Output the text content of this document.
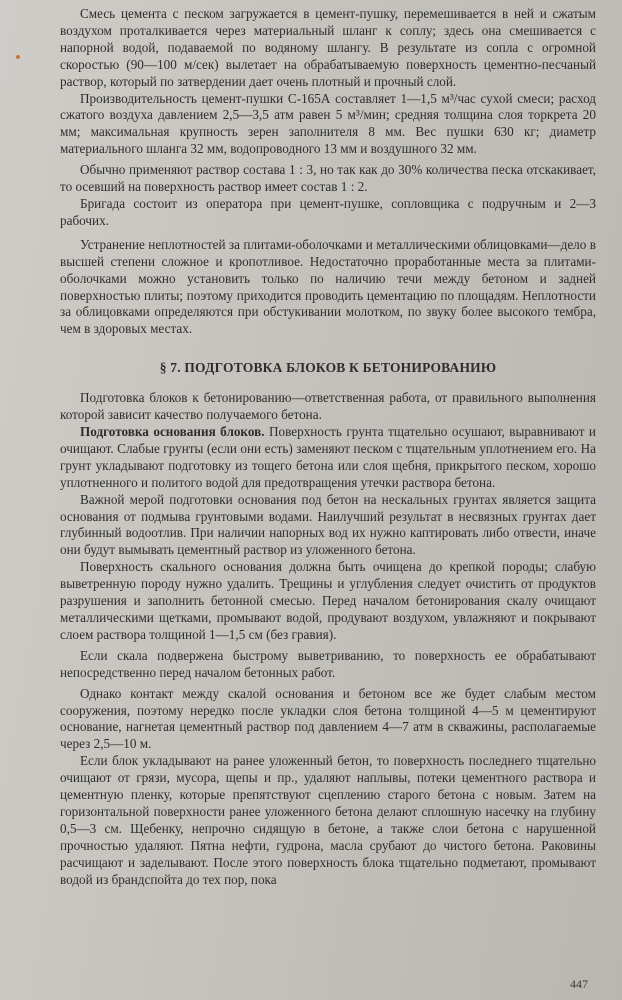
Смесь цемента с песком загружается в цемент-пушку, перемешивается в ней и сжатым воздухом проталкивается через материальный шланг к соплу; здесь она смешивается с напорной водой, подаваемой по водяному шлангу. В результате из сопла с огромной скоростью (90—100 м/сек) вылетает на обрабатываемую поверхность цементно-песчаный раствор, который по затвердении дает очень плотный и прочный слой.

Производительность цемент-пушки С-165А составляет 1—1,5 м³/час сухой смеси; расход сжатого воздуха давлением 2,5—3,5 атм равен 5 м³/мин; средняя толщина слоя торкрета 20 мм; максимальная крупность зерен заполнителя 8 мм. Вес пушки 630 кг; диаметр материального шланга 32 мм, водопроводного 13 мм и воздушного 32 мм.

Обычно применяют раствор состава 1 : 3, но так как до 30% количества песка отскакивает, то осевший на поверхность раствор имеет состав 1 : 2.

Бригада состоит из оператора при цемент-пушке, сопловщика с подручным и 2—3 рабочих.

Устранение неплотностей за плитами-оболочками и металлическими облицовками—дело в высшей степени сложное и кропотливое. Недостаточно проработанные места за плитами-оболочками можно установить только по наличию течи между бетоном и задней поверхностью плиты; поэтому приходится проводить цементацию по площадям. Неплотности за облицовками определяются при обстукивании молотком, по звуку более высокого тембра, чем в здоровых местах.

§ 7. ПОДГОТОВКА БЛОКОВ К БЕТОНИРОВАНИЮ

Подготовка блоков к бетонированию—ответственная работа, от правильного выполнения которой зависит качество получаемого бетона.

Подготовка основания блоков. Поверхность грунта тщательно осушают, выравнивают и очищают. Слабые грунты (если они есть) заменяют песком с тщательным уплотнением его. На грунт укладывают подготовку из тощего бетона или слоя щебня, прикрытого песком, хорошо уплотненного и политого водой для предотвращения утечки раствора бетона.

Важной мерой подготовки основания под бетон на нескальных грунтах является защита основания от подмыва грунтовыми водами. Наилучший результат в несвязных грунтах дает глубинный водоотлив. При наличии напорных вод их нужно каптировать либо отвести, иначе они будут вымывать цементный раствор из уложенного бетона.

Поверхность скального основания должна быть очищена до крепкой породы; слабую выветренную породу нужно удалить. Трещины и углубления следует очистить от продуктов разрушения и заполнить бетонной смесью. Перед началом бетонирования скалу очищают металлическими щетками, промывают водой, продувают воздухом, увлажняют и покрывают слоем раствора толщиной 1—1,5 см (без гравия).

Если скала подвержена быстрому выветриванию, то поверхность ее обрабатывают непосредственно перед началом бетонных работ.

Однако контакт между скалой основания и бетоном все же будет слабым местом сооружения, поэтому нередко после укладки слоя бетона толщиной 4—5 м цементируют основание, нагнетая цементный раствор под давлением 4—7 атм в скважины, располагаемые через 2,5—10 м.

Если блок укладывают на ранее уложенный бетон, то поверхность последнего тщательно очищают от грязи, мусора, щепы и пр., удаляют наплывы, потеки цементного раствора и цементную пленку, которые препятствуют сцеплению старого бетона с новым. Затем на горизонтальной поверхности ранее уложенного бетона делают сплошную насечку на глубину 0,5—3 см. Щебенку, непрочно сидящую в бетоне, а также слои бетона с нарушенной прочностью удаляют. Пятна нефти, гудрона, масла срубают до чистого бетона. Раковины расчищают и заделывают. После этого поверхность блока тщательно подметают, промывают водой из брандспойта до тех пор, пока

447
